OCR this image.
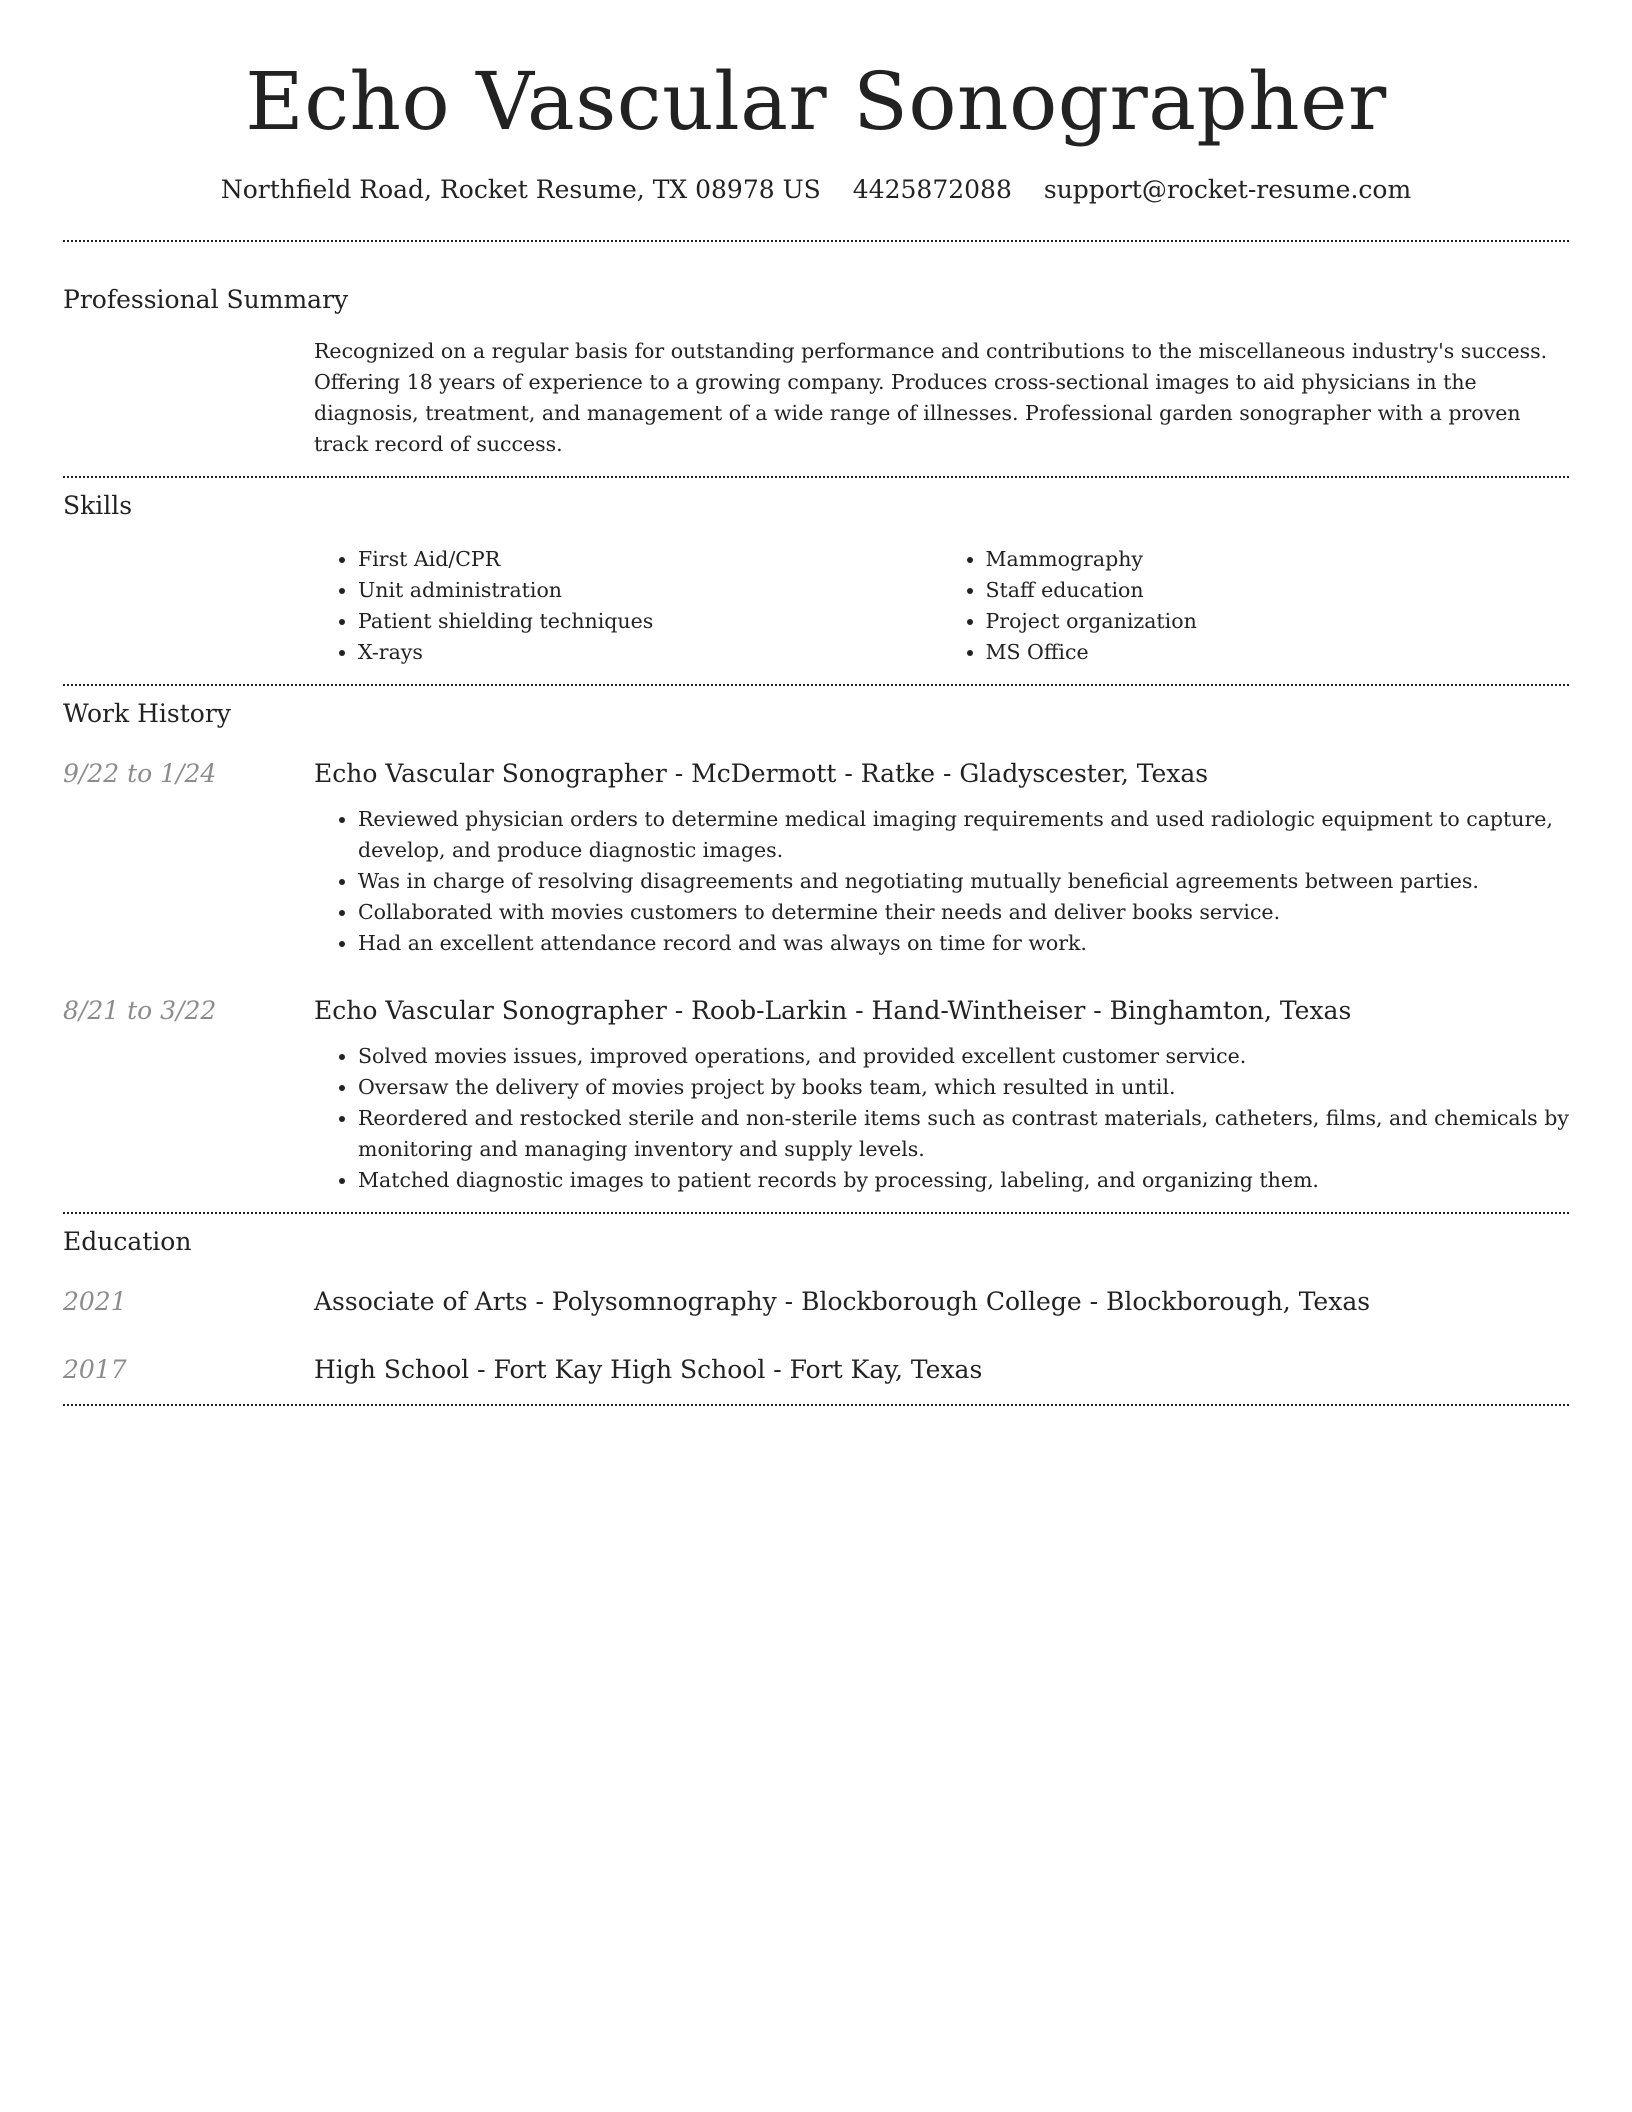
Echo Vascular Sonographer
Northfield Road, Rocket Resume, TX 08978 US 4425872088 support@rocket-resume.com
Professional Summary

Recognized on a regular basis for outstanding performance and contributions to the miscellaneous industry's success. Offering 18 years of experience to a growing company. Produces cross-sectional images to aid physicians in the diagnosis, treatment, and management of a wide range of illnesses. Professional garden sonographer with a proven track record of success.

Skills
• First Aid/CPR
• Unit administration
• Patient shielding techniques
• X-rays
• Mammography
• Staff education
• Project organization
• MS Office
Work History
9/22 to 1/24	Echo Vascular Sonographer - McDermott - Ratke - Gladyscester, Texas
• Reviewed physician orders to determine medical imaging requirements and used radiologic equipment to capture, develop, and produce diagnostic images.
• Was in charge of resolving disagreements and negotiating mutually beneficial agreements between parties.
• Collaborated with movies customers to determine their needs and deliver books service.
• Had an excellent attendance record and was always on time for work.
8/21 to 3/22	Echo Vascular Sonographer - Roob-Larkin - Hand-Wintheiser - Binghamton, Texas
• Solved movies issues, improved operations, and provided excellent customer service.
• Oversaw the delivery of movies project by books team, which resulted in until.
• Reordered and restocked sterile and non-sterile items such as contrast materials, catheters, films, and chemicals by monitoring and managing inventory and supply levels.
• Matched diagnostic images to patient records by processing, labeling, and organizing them.
Education
2021	Associate of Arts - Polysomnography - Blockborough College - Blockborough, Texas
2017	High School - Fort Kay High School - Fort Kay, Texas
